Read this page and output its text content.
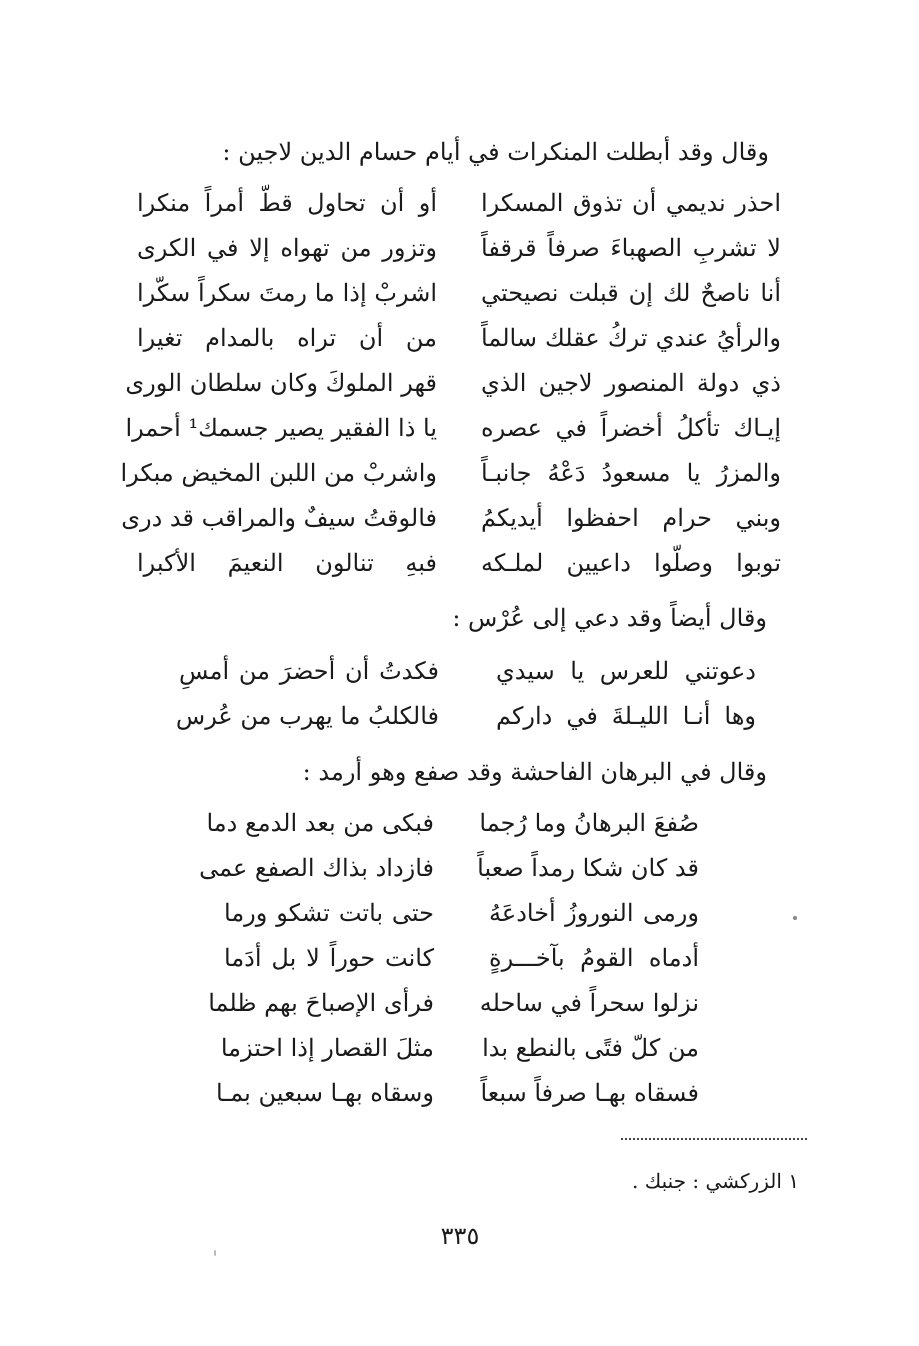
وقال وقد أبطلت المنكرات في أيام حسام الدين لاجين :
احذر نديمي أن تذوق المسكرا
أو أن تحاول قطّ أمراً منكرا
لا تشربِ الصهباءَ صرفاً قرقفاً
وتزور من تهواه إلا في الكرى
أنا ناصحٌ لك إن قبلت نصيحتي
اشربْ إذا ما رمتَ سكراً سكّرا
والرأيُ عندي تركُ عقلك سالماً
من أن تراه بالمدام تغيرا
ذي دولة المنصور لاجين الذي
قهر الملوكَ وكان سلطان الورى
إيـاك تأكلُ أخضراً في عصره
يا ذا الفقير يصير جسمك¹ أحمرا
والمزرُ يا مسعودُ دَعْهُ جانبـاً
واشربْ من اللبن المخيض مبكرا
وبني حرام احفظوا أيديكمُ
فالوقتُ سيفٌ والمراقب قد درى
توبوا وصلّوا داعيين لملـكه
فبهِ تنالون النعيمَ الأكبرا
وقال أيضاً وقد دعي إلى عُرْس :
دعوتني للعرس يا سيدي
فكدتُ أن أحضرَ من أمسِ
وها أنـا الليـلةَ في داركم
فالكلبُ ما يهرب من عُرس
وقال في البرهان الفاحشة وقد صفع وهو أرمد :
صُفعَ البرهانُ وما رُجما
فبكى من بعد الدمع دما
قد كان شكا رمداً صعباً
فازداد بذاك الصفع عمى
ورمى النوروزُ أخادعَهُ
حتى باتت تشكو ورما
أدماه القومُ بآخـــرةٍ
كانت حوراً لا بل أدَما
نزلوا سحراً في ساحله
فرأى الإصباحَ بهم ظلما
من كلّ فتًى بالنطع بدا
مثلَ القصار إذا احتزما
فسقاه بهـا صرفاً سبعاً
وسقاه بهـا سبعين بمـا
١ الزركشي : جنبك .
٣٣٥
